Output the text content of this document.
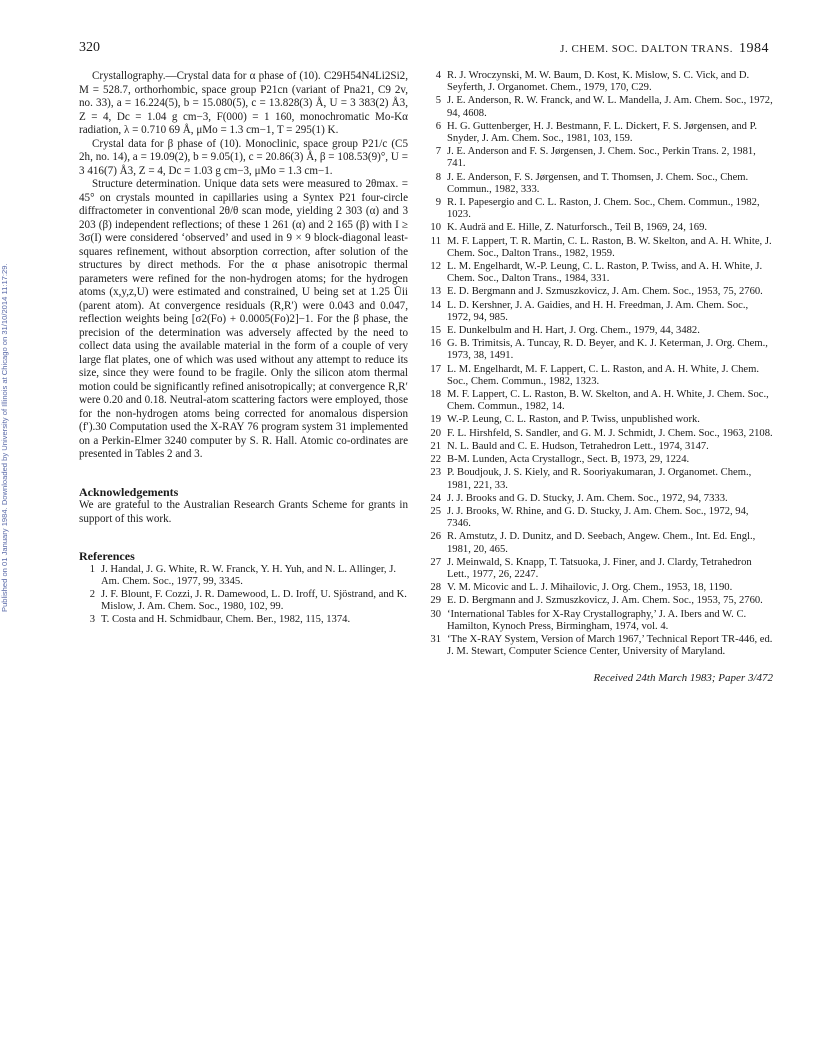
320	J. CHEM. SOC. DALTON TRANS. 1984
Published on 01 January 1984. Downloaded by University of Illinois at Chicago on 31/10/2014 11:17:29.

Crystallography.—Crystal data for α phase of (10). C29H54N4Li2Si2, M = 528.7, orthorhombic, space group P21cn (variant of Pna21, C9 2v, no. 33), a = 16.224(5), b = 15.080(5), c = 13.828(3) Å, U = 3 383(2) Å3, Z = 4, Dc = 1.04 g cm−3, F(000) = 1 160, monochromatic Mo-Kα radiation, λ = 0.710 69 Å, μMo = 1.3 cm−1, T = 295(1) K.

Crystal data for β phase of (10). Monoclinic, space group P21/c (C5 2h, no. 14), a = 19.09(2), b = 9.05(1), c = 20.86(3) Å, β = 108.53(9)°, U = 3 416(7) Å3, Z = 4, Dc = 1.03 g cm−3, μMo = 1.3 cm−1.

Structure determination. Unique data sets were measured to 2θmax. = 45° on crystals mounted in capillaries using a Syntex P21 four-circle diffractometer in conventional 2θ/θ scan mode, yielding 2 303 (α) and 3 203 (β) independent reflections; of these 1 261 (α) and 2 165 (β) with I ≥ 3σ(I) were considered ‘observed’ and used in 9 × 9 block-diagonal least-squares refinement, without absorption correction, after solution of the structures by direct methods. For the α phase anisotropic thermal parameters were refined for the non-hydrogen atoms; for the hydrogen atoms (x,y,z,U) were estimated and constrained, U being set at 1.25 Ūii (parent atom). At convergence residuals (R,R′) were 0.043 and 0.047, reflection weights being [σ2(Fo) + 0.0005(Fo)2]−1. For the β phase, the precision of the determination was adversely affected by the need to collect data using the available material in the form of a couple of very large flat plates, one of which was used without any attempt to reduce its size, since they were found to be fragile. Only the silicon atom thermal motion could be significantly refined anisotropically; at convergence R,R′ were 0.20 and 0.18. Neutral-atom scattering factors were employed, those for the non-hydrogen atoms being corrected for anomalous dispersion (f′).30 Computation used the X-RAY 76 program system 31 implemented on a Perkin-Elmer 3240 computer by S. R. Hall. Atomic co-ordinates are presented in Tables 2 and 3.

Acknowledgements

We are grateful to the Australian Research Grants Scheme for grants in support of this work.

References

1 J. Handal, J. G. White, R. W. Franck, Y. H. Yuh, and N. L. Allinger, J. Am. Chem. Soc., 1977, 99, 3345.

2 J. F. Blount, F. Cozzi, J. R. Damewood, L. D. Iroff, U. Sjöstrand, and K. Mislow, J. Am. Chem. Soc., 1980, 102, 99.

3 T. Costa and H. Schmidbaur, Chem. Ber., 1982, 115, 1374.

4 R. J. Wroczynski, M. W. Baum, D. Kost, K. Mislow, S. C. Vick, and D. Seyferth, J. Organomet. Chem., 1979, 170, C29.

5 J. E. Anderson, R. W. Franck, and W. L. Mandella, J. Am. Chem. Soc., 1972, 94, 4608.

6 H. G. Guttenberger, H. J. Bestmann, F. L. Dickert, F. S. Jørgensen, and P. Snyder, J. Am. Chem. Soc., 1981, 103, 159.

7 J. E. Anderson and F. S. Jørgensen, J. Chem. Soc., Perkin Trans. 2, 1981, 741.

8 J. E. Anderson, F. S. Jørgensen, and T. Thomsen, J. Chem. Soc., Chem. Commun., 1982, 333.

9 R. I. Papesergio and C. L. Raston, J. Chem. Soc., Chem. Commun., 1982, 1023.

10 K. Audrä and E. Hille, Z. Naturforsch., Teil B, 1969, 24, 169.

11 M. F. Lappert, T. R. Martin, C. L. Raston, B. W. Skelton, and A. H. White, J. Chem. Soc., Dalton Trans., 1982, 1959.

12 L. M. Engelhardt, W.-P. Leung, C. L. Raston, P. Twiss, and A. H. White, J. Chem. Soc., Dalton Trans., 1984, 331.

13 E. D. Bergmann and J. Szmuszkovicz, J. Am. Chem. Soc., 1953, 75, 2760.

14 L. D. Kershner, J. A. Gaidies, and H. H. Freedman, J. Am. Chem. Soc., 1972, 94, 985.

15 E. Dunkelbulm and H. Hart, J. Org. Chem., 1979, 44, 3482.

16 G. B. Trimitsis, A. Tuncay, R. D. Beyer, and K. J. Keterman, J. Org. Chem., 1973, 38, 1491.

17 L. M. Engelhardt, M. F. Lappert, C. L. Raston, and A. H. White, J. Chem. Soc., Chem. Commun., 1982, 1323.

18 M. F. Lappert, C. L. Raston, B. W. Skelton, and A. H. White, J. Chem. Soc., Chem. Commun., 1982, 14.

19 W.-P. Leung, C. L. Raston, and P. Twiss, unpublished work.

20 F. L. Hirshfeld, S. Sandler, and G. M. J. Schmidt, J. Chem. Soc., 1963, 2108.

21 N. L. Bauld and C. E. Hudson, Tetrahedron Lett., 1974, 3147.

22 B-M. Lunden, Acta Crystallogr., Sect. B, 1973, 29, 1224.

23 P. Boudjouk, J. S. Kiely, and R. Sooriyakumaran, J. Organomet. Chem., 1981, 221, 33.

24 J. J. Brooks and G. D. Stucky, J. Am. Chem. Soc., 1972, 94, 7333.

25 J. J. Brooks, W. Rhine, and G. D. Stucky, J. Am. Chem. Soc., 1972, 94, 7346.

26 R. Amstutz, J. D. Dunitz, and D. Seebach, Angew. Chem., Int. Ed. Engl., 1981, 20, 465.

27 J. Meinwald, S. Knapp, T. Tatsuoka, J. Finer, and J. Clardy, Tetrahedron Lett., 1977, 26, 2247.

28 V. M. Micovic and L. J. Mihailovic, J. Org. Chem., 1953, 18, 1190.

29 E. D. Bergmann and J. Szmuszkovicz, J. Am. Chem. Soc., 1953, 75, 2760.

30 ‘International Tables for X-Ray Crystallography,’ J. A. Ibers and W. C. Hamilton, Kynoch Press, Birmingham, 1974, vol. 4.

31 ‘The X-RAY System, Version of March 1967,’ Technical Report TR-446, ed. J. M. Stewart, Computer Science Center, University of Maryland.

Received 24th March 1983; Paper 3/472
